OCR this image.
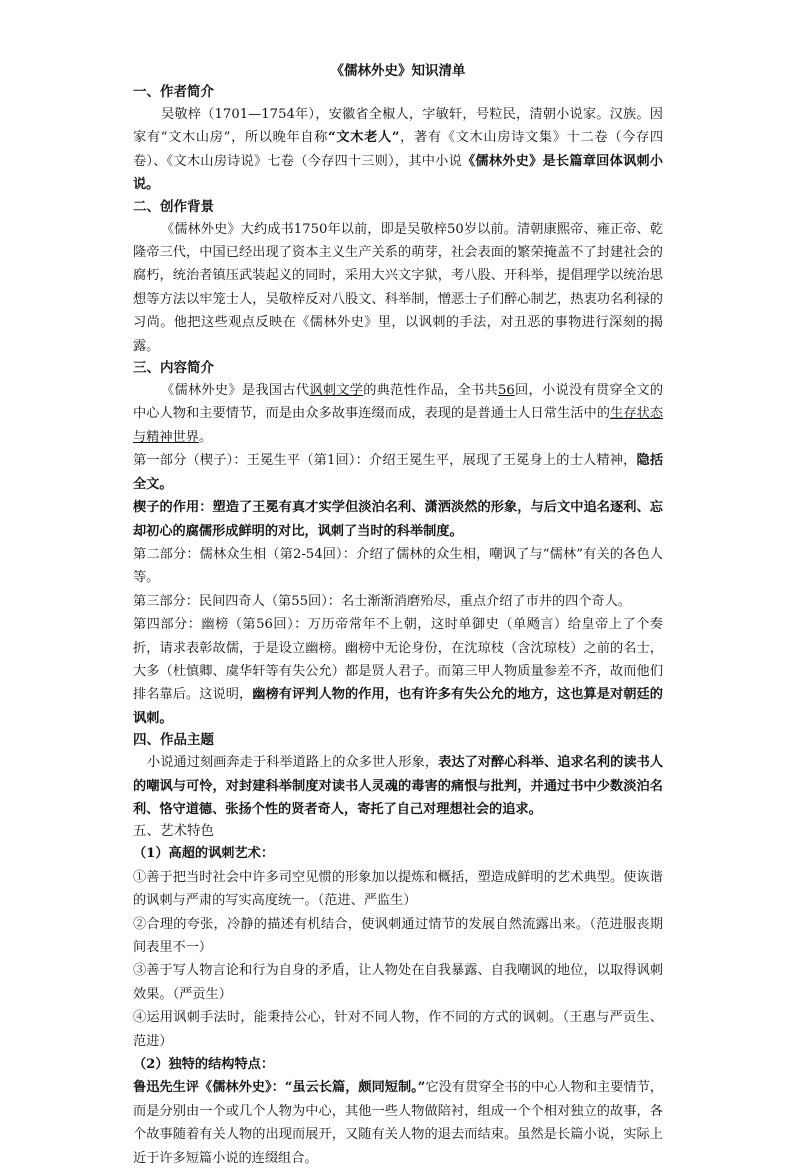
《儒林外史》知识清单
一、作者简介

吴敬梓（1701—1754年），安徽省全椒人，字敏轩，号粒民，清朝小说家。汉族。因家有“文木山房”，所以晚年自称“文木老人”，著有《文木山房诗文集》十二卷（今存四卷）、《文木山房诗说》七卷（今存四十三则），其中小说《儒林外史》是长篇章回体讽刺小说。

二、创作背景

《儒林外史》大约成书1750年以前，即是吴敬梓50岁以前。清朝康熙帝、雍正帝、乾隆帝三代，中国已经出现了资本主义生产关系的萌芽，社会表面的繁荣掩盖不了封建社会的腐朽，统治者镇压武装起义的同时，采用大兴文字狱，考八股、开科举，提倡理学以统治思想等方法以牢笼士人，吴敬梓反对八股文、科举制，憎恶士子们醉心制艺，热衷功名利禄的习尚。他把这些观点反映在《儒林外史》里，以讽刺的手法，对丑恶的事物进行深刻的揭露。

三、内容简介

《儒林外史》是我国古代讽刺文学的典范性作品，全书共56回，小说没有贯穿全文的中心人物和主要情节，而是由众多故事连缀而成，表现的是普通士人日常生活中的生存状态与精神世界。

第一部分（楔子）：王冕生平（第1回）：介绍王冕生平，展现了王冕身上的士人精神，隐括全文。

楔子的作用：塑造了王冕有真才实学但淡泊名利、潇洒淡然的形象，与后文中追名逐利、忘却初心的腐儒形成鲜明的对比，讽刺了当时的科举制度。

第二部分：儒林众生相（第2-54回）：介绍了儒林的众生相，嘲讽了与“儒林”有关的各色人等。

第三部分：民间四奇人（第55回）：名士渐渐消磨殆尽，重点介绍了市井的四个奇人。

第四部分：幽榜（第56回）：万历帝常年不上朝，这时单御史（单飏言）给皇帝上了个奏折，请求表彰故儒，于是设立幽榜。幽榜中无论身份，在沈琼枝（含沈琼枝）之前的名士，大多（杜慎卿、虞华轩等有失公允）都是贤人君子。而第三甲人物质量参差不齐，故而他们排名靠后。这说明，幽榜有评判人物的作用，也有许多有失公允的地方，这也算是对朝廷的讽刺。

四、作品主题

小说通过刻画奔走于科举道路上的众多世人形象，表达了对醉心科举、追求名利的读书人的嘲讽与可怜，对封建科举制度对读书人灵魂的毒害的痛恨与批判，并通过书中少数淡泊名利、恪守道德、张扬个性的贤者奇人，寄托了自己对理想社会的追求。

五、艺术特色
（1）高超的讽刺艺术：

①善于把当时社会中许多司空见惯的形象加以提炼和概括，塑造成鲜明的艺术典型。使诙谐的讽刺与严肃的写实高度统一。（范进、严监生）

②合理的夸张，冷静的描述有机结合，使讽刺通过情节的发展自然流露出来。（范进服丧期间表里不一）

③善于写人物言论和行为自身的矛盾，让人物处在自我暴露、自我嘲讽的地位，以取得讽刺效果。（严贡生）

④运用讽刺手法时，能秉持公心，针对不同人物，作不同的方式的讽刺。（王惠与严贡生、范进）

（2）独特的结构特点：

鲁迅先生评《儒林外史》：“虽云长篇，颇同短制。”它没有贯穿全书的中心人物和主要情节，而是分别由一个或几个人物为中心，其他一些人物做陪衬，组成一个个相对独立的故事，各个故事随着有关人物的出现而展开，又随有关人物的退去而结束。虽然是长篇小说，实际上近于许多短篇小说的连缀组合。
